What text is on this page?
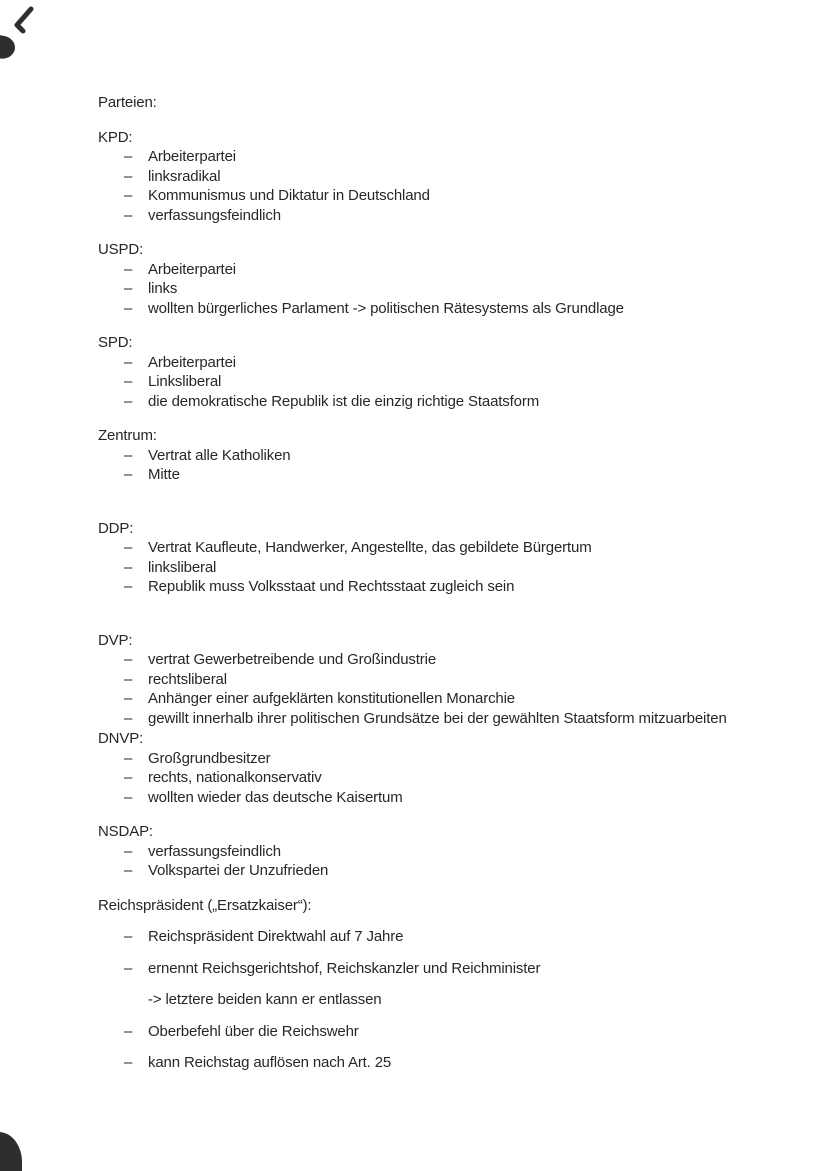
Parteien:

KPD:

–	Arbeiterpartei
–	linksradikal
–	Kommunismus und Diktatur in Deutschland
–	verfassungsfeindlich

USPD:

–	Arbeiterpartei
–	links
–	wollten bürgerliches Parlament -> politischen Rätesystems als Grundlage

SPD:

–	Arbeiterpartei
–	Linksliberal
–	die demokratische Republik ist die einzig richtige Staatsform

Zentrum:

–	Vertrat alle Katholiken
–	Mitte

DDP:

–	Vertrat Kaufleute, Handwerker, Angestellte, das gebildete Bürgertum
–	linksliberal
–	Republik muss Volksstaat und Rechtsstaat zugleich sein

DVP:

–	vertrat Gewerbetreibende und Großindustrie
–	rechtsliberal
–	Anhänger einer aufgeklärten konstitutionellen Monarchie
–	gewillt innerhalb ihrer politischen Grundsätze bei der gewählten Staatsform mitzuarbeiten

DNVP:

–	Großgrundbesitzer
–	rechts, nationalkonservativ
–	wollten wieder das deutsche Kaisertum

NSDAP:

–	verfassungsfeindlich
–	Volkspartei der Unzufrieden

Reichspräsident („Ersatzkaiser“):

–	Reichspräsident Direktwahl auf 7 Jahre
–	ernennt Reichsgerichtshof, Reichskanzler und Reichminister
-> letztere beiden kann er entlassen
–	Oberbefehl über die Reichswehr
–	kann Reichstag auflösen nach Art. 25
